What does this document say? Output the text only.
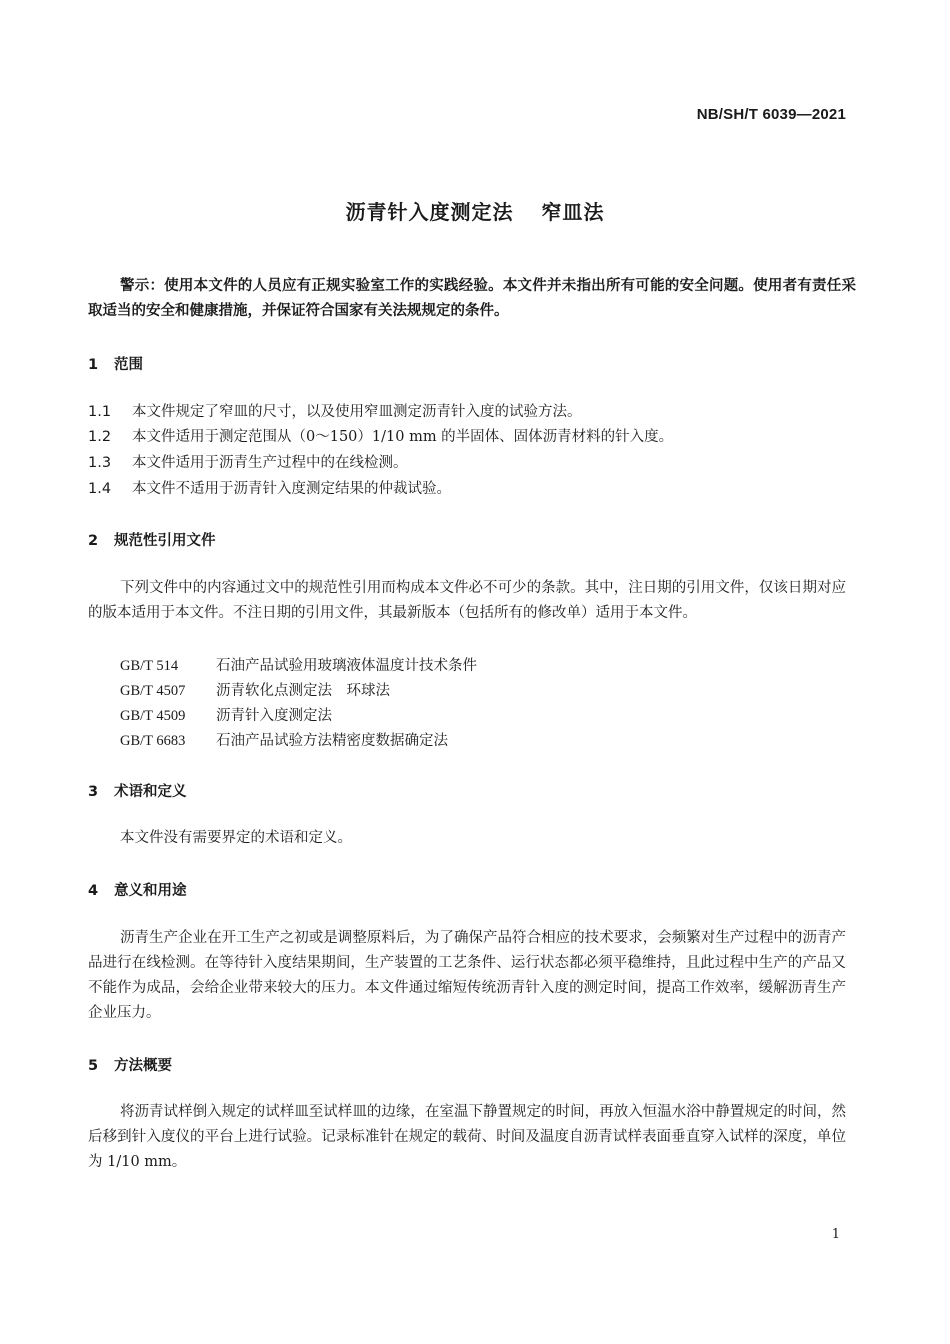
NB/SH/T 6039—2021
沥青针入度测定法 窄皿法
警示：使用本文件的人员应有正规实验室工作的实践经验。本文件并未指出所有可能的安全问题。使用者有责任采取适当的安全和健康措施，并保证符合国家有关法规规定的条件。
1 范围
1.1 本文件规定了窄皿的尺寸，以及使用窄皿测定沥青针入度的试验方法。
1.2 本文件适用于测定范围从（0～150）1/10 mm 的半固体、固体沥青材料的针入度。
1.3 本文件适用于沥青生产过程中的在线检测。
1.4 本文件不适用于沥青针入度测定结果的仲裁试验。
2 规范性引用文件
下列文件中的内容通过文中的规范性引用而构成本文件必不可少的条款。其中，注日期的引用文件，仅该日期对应的版本适用于本文件。不注日期的引用文件，其最新版本（包括所有的修改单）适用于本文件。
GB/T 514	石油产品试验用玻璃液体温度计技术条件
GB/T 4507 沥青软化点测定法　环球法
GB/T 4509 沥青针入度测定法
GB/T 6683 石油产品试验方法精密度数据确定法
3 术语和定义
本文件没有需要界定的术语和定义。
4 意义和用途
沥青生产企业在开工生产之初或是调整原料后，为了确保产品符合相应的技术要求，会频繁对生产过程中的沥青产品进行在线检测。在等待针入度结果期间，生产装置的工艺条件、运行状态都必须平稳维持，且此过程中生产的产品又不能作为成品，会给企业带来较大的压力。本文件通过缩短传统沥青针入度的测定时间，提高工作效率，缓解沥青生产企业压力。
5 方法概要
将沥青试样倒入规定的试样皿至试样皿的边缘，在室温下静置规定的时间，再放入恒温水浴中静置规定的时间，然后移到针入度仪的平台上进行试验。记录标准针在规定的载荷、时间及温度自沥青试样表面垂直穿入试样的深度，单位为 1/10 mm。
1
